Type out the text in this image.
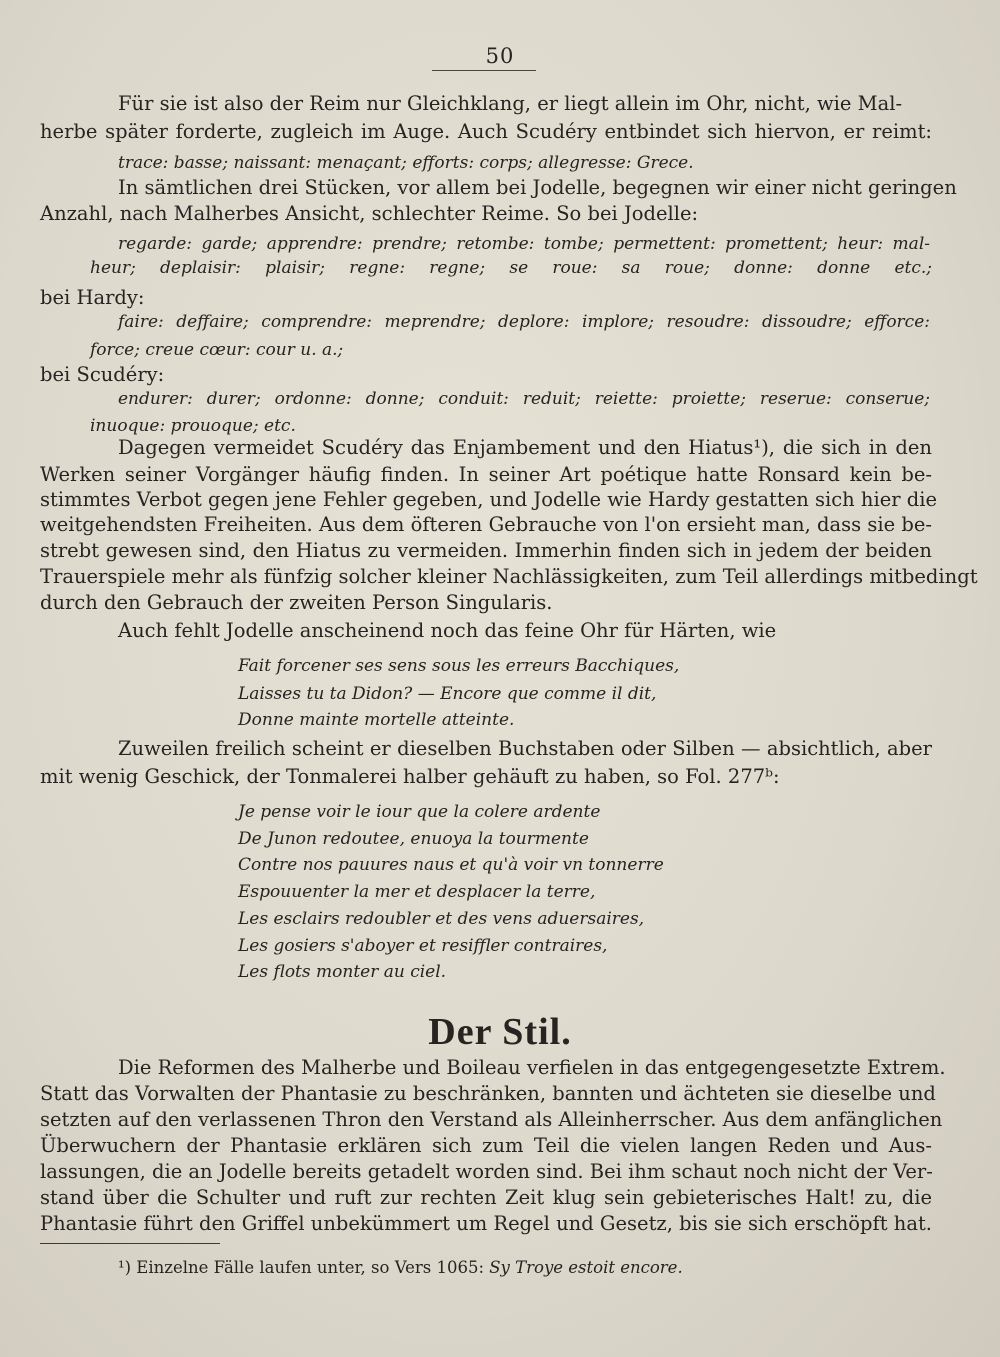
50
Für sie ist also der Reim nur Gleichklang, er liegt allein im Ohr, nicht, wie Mal-
herbe später forderte, zugleich im Auge. Auch Scudéry entbindet sich hiervon, er reimt:
trace: basse; naissant: menaçant; efforts: corps; allegresse: Grece.
In sämtlichen drei Stücken, vor allem bei Jodelle, begegnen wir einer nicht geringen
Anzahl, nach Malherbes Ansicht, schlechter Reime. So bei Jodelle:
regarde: garde; apprendre: prendre; retombe: tombe; permettent: promettent; heur: mal-
heur; deplaisir: plaisir; regne: regne; se roue: sa roue; donne: donne etc.;
bei Hardy:
faire: deffaire; comprendre: meprendre; deplore: implore; resoudre: dissoudre; efforce:
force; creue cœur: cour u. a.;
bei Scudéry:
endurer: durer; ordonne: donne; conduit: reduit; reiette: proiette; reserue: conserue;
inuoque: prouoque; etc.
Dagegen vermeidet Scudéry das Enjambement und den Hiatus¹), die sich in den
Werken seiner Vorgänger häufig finden. In seiner Art poétique hatte Ronsard kein be-
stimmtes Verbot gegen jene Fehler gegeben, und Jodelle wie Hardy gestatten sich hier die
weitgehendsten Freiheiten. Aus dem öfteren Gebrauche von l'on ersieht man, dass sie be-
strebt gewesen sind, den Hiatus zu vermeiden. Immerhin finden sich in jedem der beiden
Trauerspiele mehr als fünfzig solcher kleiner Nachlässigkeiten, zum Teil allerdings mitbedingt
durch den Gebrauch der zweiten Person Singularis.
Auch fehlt Jodelle anscheinend noch das feine Ohr für Härten, wie
Fait forcener ses sens sous les erreurs Bacchiques,
Laisses tu ta Didon? — Encore que comme il dit,
Donne mainte mortelle atteinte.
Zuweilen freilich scheint er dieselben Buchstaben oder Silben — absichtlich, aber
mit wenig Geschick, der Tonmalerei halber gehäuft zu haben, so Fol. 277ᵇ:
Je pense voir le iour que la colere ardente
De Junon redoutee, enuoya la tourmente
Contre nos pauures naus et qu'à voir vn tonnerre
Espouuenter la mer et desplacer la terre,
Les esclairs redoubler et des vens aduersaires,
Les gosiers s'aboyer et resiffler contraires,
Les flots monter au ciel.
Der Stil.
Die Reformen des Malherbe und Boileau verfielen in das entgegengesetzte Extrem.
Statt das Vorwalten der Phantasie zu beschränken, bannten und ächteten sie dieselbe und
setzten auf den verlassenen Thron den Verstand als Alleinherrscher. Aus dem anfänglichen
Überwuchern der Phantasie erklären sich zum Teil die vielen langen Reden und Aus-
lassungen, die an Jodelle bereits getadelt worden sind. Bei ihm schaut noch nicht der Ver-
stand über die Schulter und ruft zur rechten Zeit klug sein gebieterisches Halt! zu, die
Phantasie führt den Griffel unbekümmert um Regel und Gesetz, bis sie sich erschöpft hat.
¹) Einzelne Fälle laufen unter, so Vers 1065: Sy Troye estoit encore.
